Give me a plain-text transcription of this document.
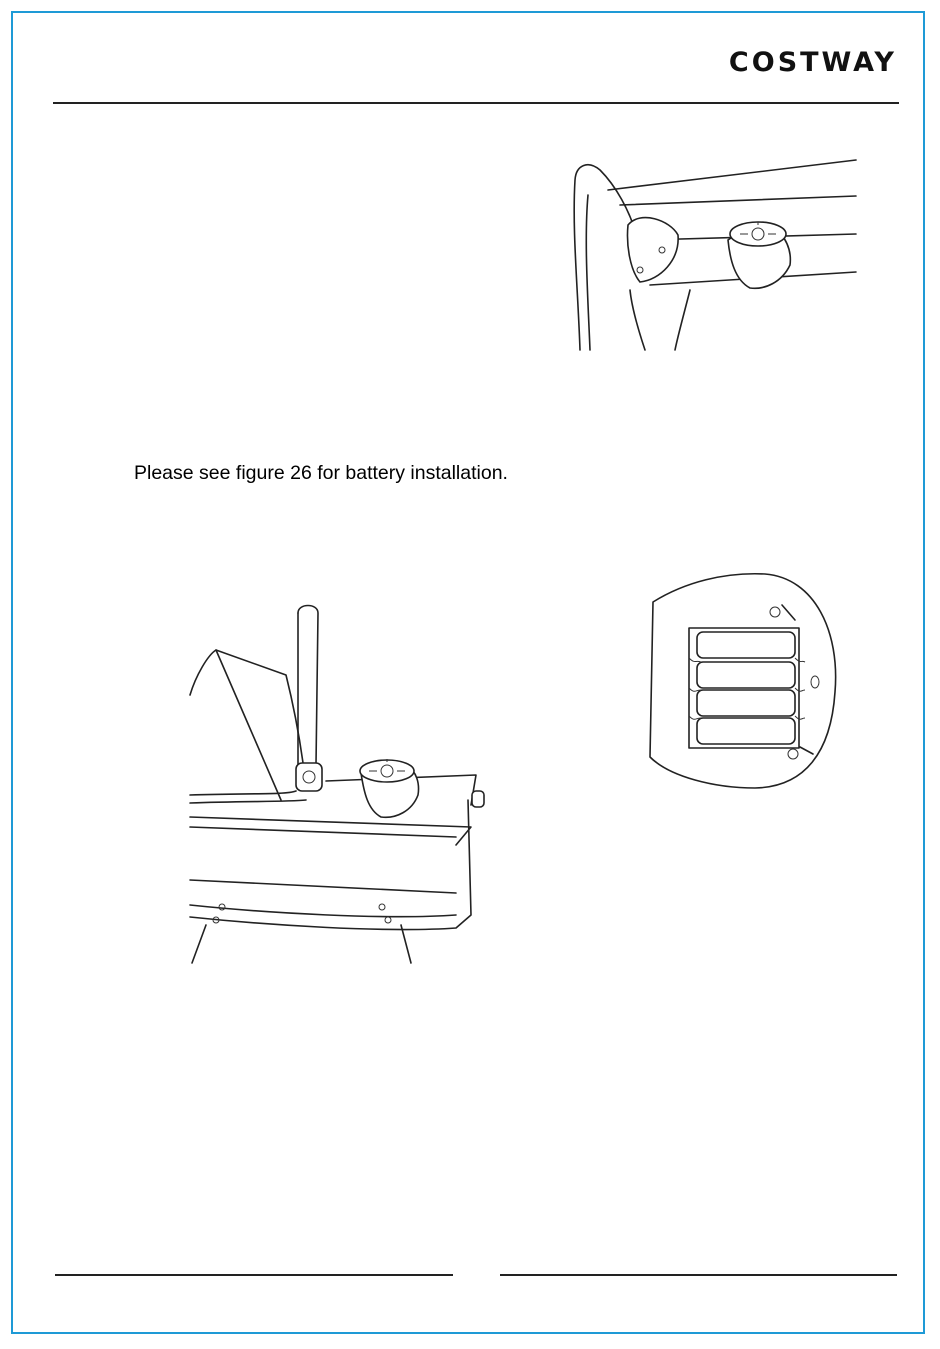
COSTWAY
Please see figure 26 for battery installation.
